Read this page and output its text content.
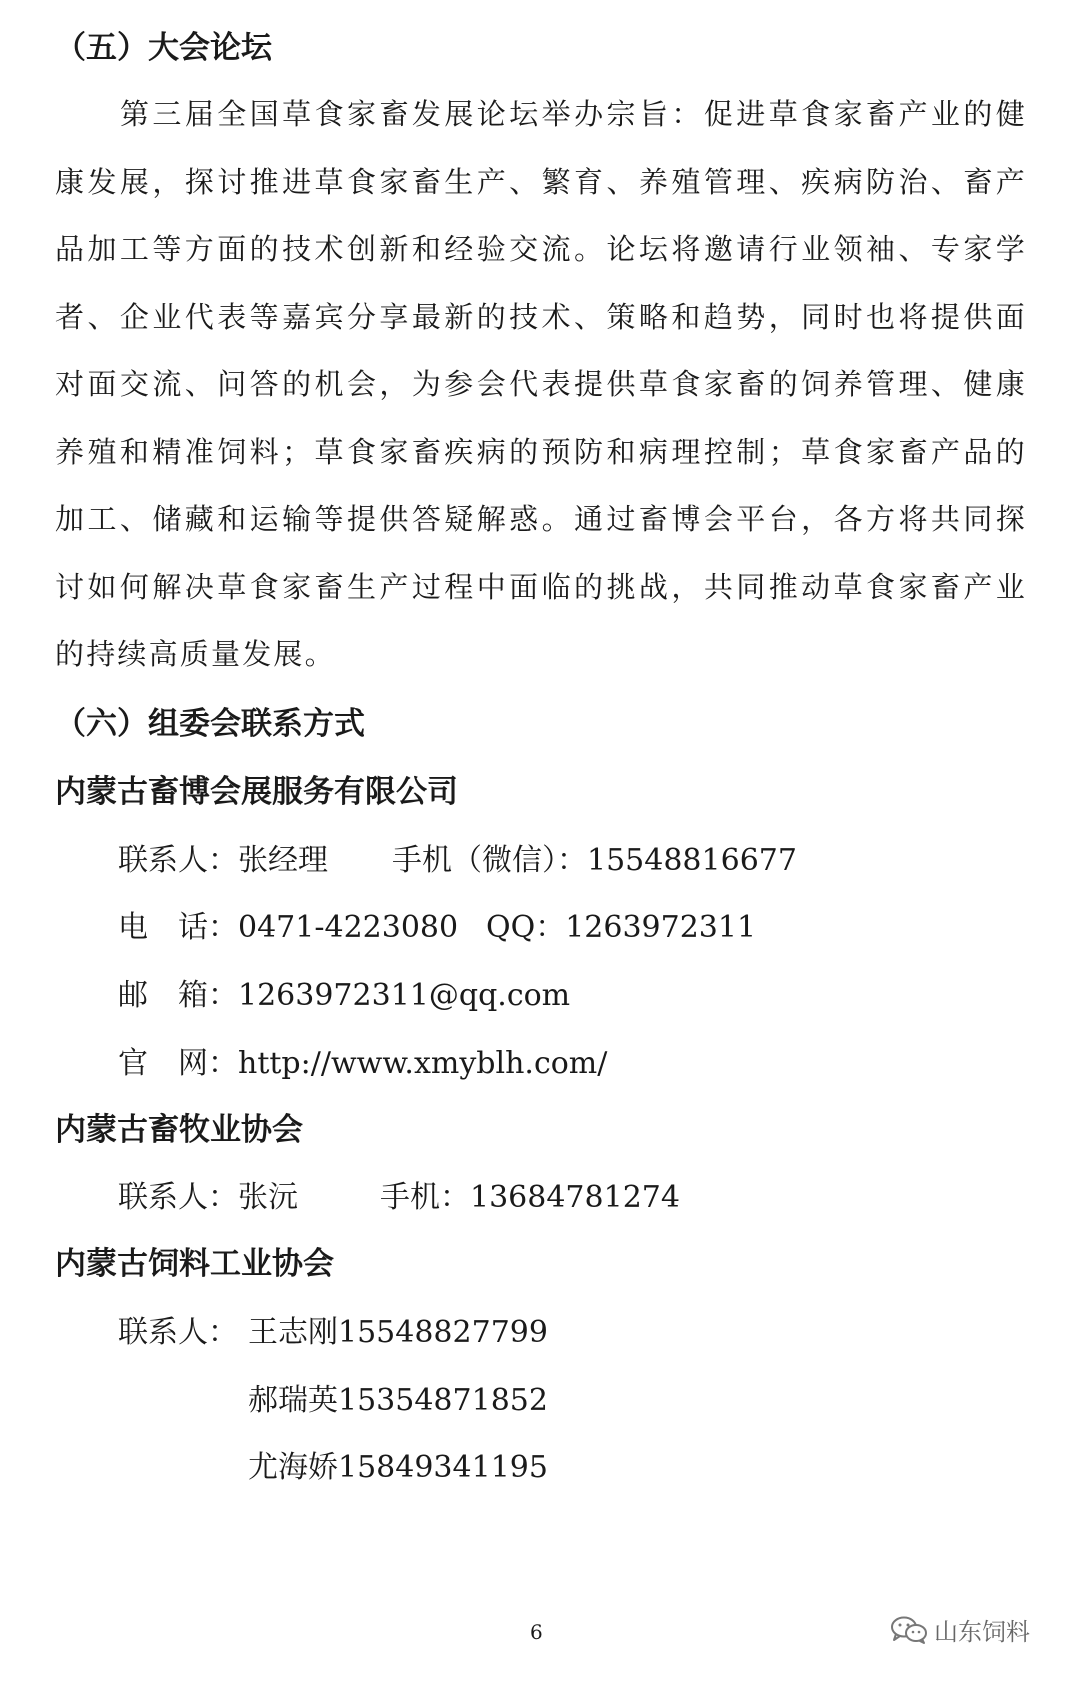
（五）大会论坛
第三届全国草食家畜发展论坛举办宗旨：促进草食家畜产业的健
康发展，探讨推进草食家畜生产、繁育、养殖管理、疾病防治、畜产
品加工等方面的技术创新和经验交流。论坛将邀请行业领袖、专家学
者、企业代表等嘉宾分享最新的技术、策略和趋势，同时也将提供面
对面交流、问答的机会，为参会代表提供草食家畜的饲养管理、健康
养殖和精准饲料；草食家畜疾病的预防和病理控制；草食家畜产品的
加工、储藏和运输等提供答疑解惑。通过畜博会平台，各方将共同探
讨如何解决草食家畜生产过程中面临的挑战，共同推动草食家畜产业
的持续高质量发展。
（六）组委会联系方式
内蒙古畜博会展服务有限公司
联系人：张经理 手机（微信）：15548816677
电　话：0471-4223080 QQ：1263972311
邮　箱：1263972311@qq.com
官　网：http://www.xmyblh.com/
内蒙古畜牧业协会
联系人：张沅	手机：13684781274
内蒙古饲料工业协会
联系人： 王志刚15548827799
郝瑞英15354871852
尤海娇15849341195
6	山东饲料
